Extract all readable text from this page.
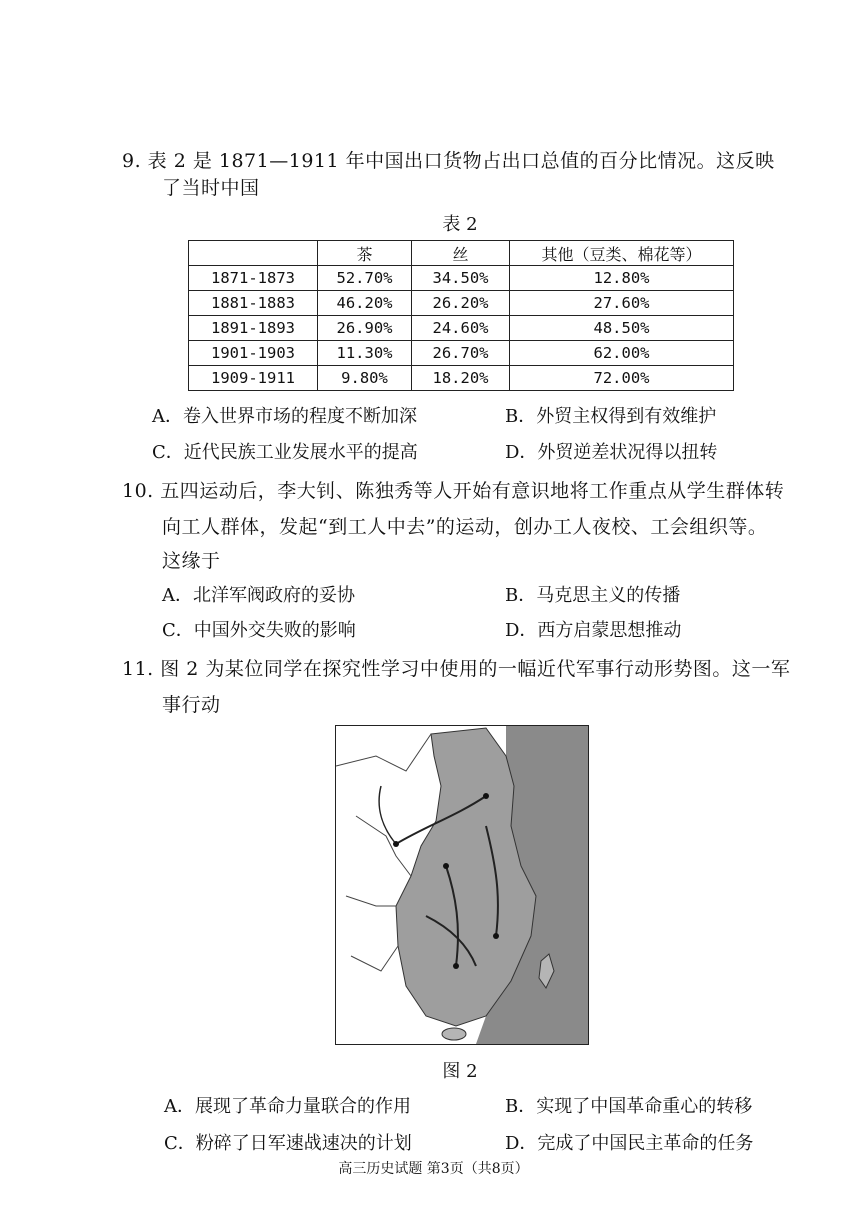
9. 表 2 是 1871—1911 年中国出口货物占出口总值的百分比情况。这反映
了当时中国
表 2
	茶	丝	其他（豆类、棉花等）
1871-1873	52.70%	34.50%	12.80%
1881-1883	46.20%	26.20%	27.60%
1891-1893	26.90%	24.60%	48.50%
1901-1903	11.30%	26.70%	62.00%
1909-1911	9.80%	18.20%	72.00%
A．卷入世界市场的程度不断加深	B．外贸主权得到有效维护
C．近代民族工业发展水平的提高	D．外贸逆差状况得以扭转
10. 五四运动后，李大钊、陈独秀等人开始有意识地将工作重点从学生群体转
向工人群体，发起“到工人中去”的运动，创办工人夜校、工会组织等。
这缘于
A．北洋军阀政府的妥协	B．马克思主义的传播
C．中国外交失败的影响	D．西方启蒙思想推动
11. 图 2 为某位同学在探究性学习中使用的一幅近代军事行动形势图。这一军
事行动
图 2
A．展现了革命力量联合的作用	B．实现了中国革命重心的转移
C．粉碎了日军速战速决的计划	D．完成了中国民主革命的任务
高三历史试题 第3页（共8页）
